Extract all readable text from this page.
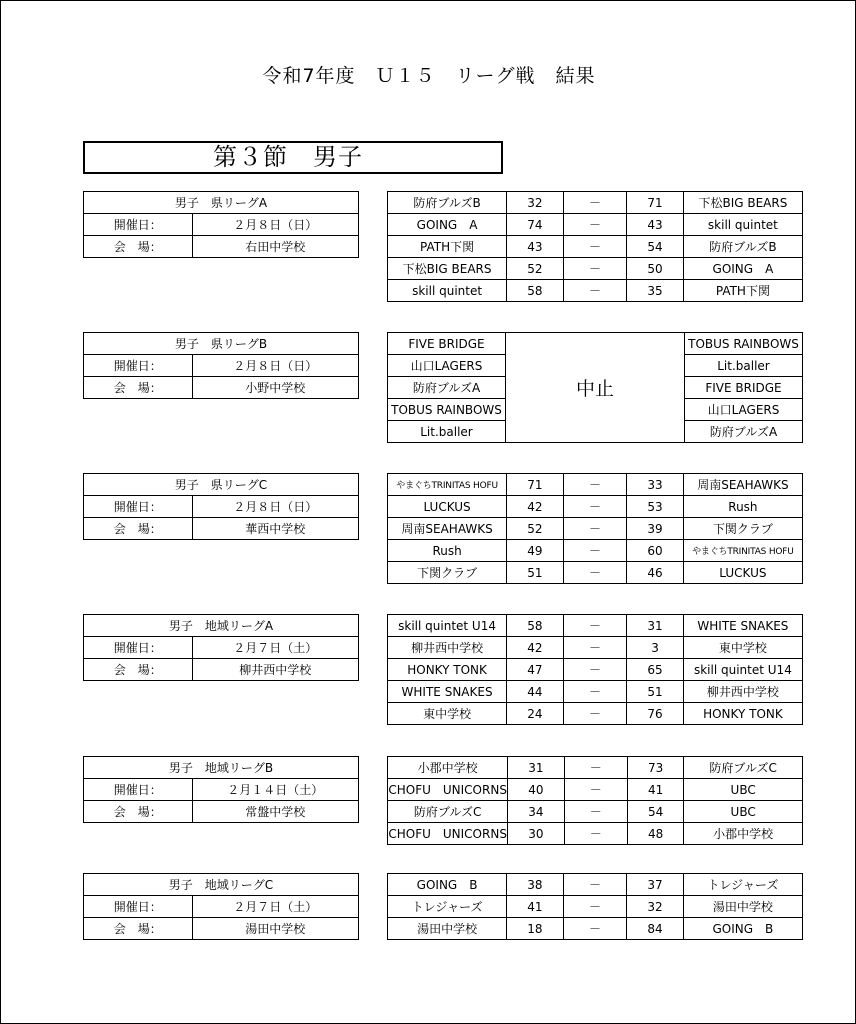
令和7年度　Ｕ１５　リーグ戦　結果
第３節　男子
男子　県リーグA	
開催日：	２月８日（日）
会　場：	右田中学校
防府ブルズB	32	－	71	下松BIG BEARS
GOING　A	74	－	43	skill quintet
PATH下関	43	－	54	防府ブルズB
下松BIG BEARS	52	－	50	GOING　A
skill quintet	58	－	35	PATH下関
男子　県リーグB	
開催日：	２月８日（日）
会　場：	小野中学校
FIVE BRIDGE	中止	TOBUS RAINBOWS
山口LAGERS		Lit.baller
防府ブルズA		FIVE BRIDGE
TOBUS RAINBOWS		山口LAGERS
Lit.baller		防府ブルズA
男子　県リーグC	
開催日：	２月８日（日）
会　場：	華西中学校
やまぐちTRINITAS HOFU	71	－	33	周南SEAHAWKS
LUCKUS	42	－	53	Rush
周南SEAHAWKS	52	－	39	下関クラブ
Rush	49	－	60	やまぐちTRINITAS HOFU
下関クラブ	51	－	46	LUCKUS
男子　地域リーグA	
開催日：	２月７日（土）
会　場：	柳井西中学校
skill quintet U14	58	－	31	WHITE SNAKES
柳井西中学校	42	－	3	東中学校
HONKY TONK	47	－	65	skill quintet U14
WHITE SNAKES	44	－	51	柳井西中学校
東中学校	24	－	76	HONKY TONK
男子　地域リーグB	
開催日：	２月１４日（土）
会　場：	常盤中学校
小郡中学校	31	－	73	防府ブルズC
CHOFU　UNICORNS	40	－	41	UBC
防府ブルズC	34	－	54	UBC
CHOFU　UNICORNS	30	－	48	小郡中学校
男子　地域リーグC	
開催日：	２月７日（土）
会　場：	湯田中学校
GOING　B	38	－	37	トレジャーズ
トレジャーズ	41	－	32	湯田中学校
湯田中学校	18	－	84	GOING　B
